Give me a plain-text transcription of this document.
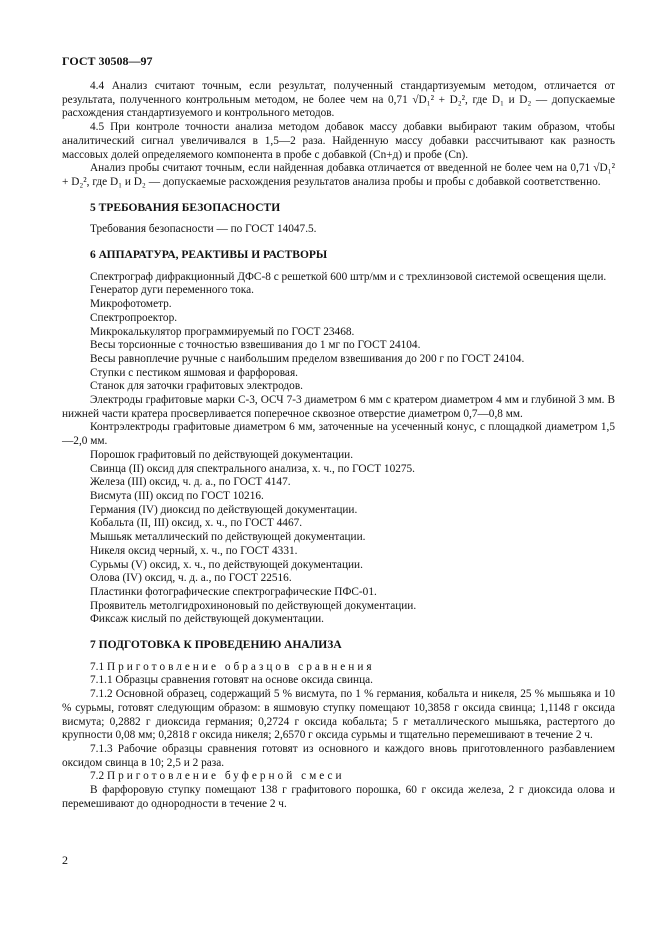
ГОСТ 30508—97

4.4 Анализ считают точным, если результат, полученный стандартизуемым методом, отличается от результата, полученного контрольным методом, не более чем на 0,71 √D₁² + D₂², где D₁ и D₂ — допускаемые расхождения стандартизуемого и контрольного методов.

4.5 При контроле точности анализа методом добавок массу добавки выбирают таким образом, чтобы аналитический сигнал увеличивался в 1,5—2 раза. Найденную массу добавки рассчитывают как разность массовых долей определяемого компонента в пробе с добавкой (Cn+д) и пробе (Cn).

Анализ пробы считают точным, если найденная добавка отличается от введенной не более чем на 0,71 √D₁² + D₂², где D₁ и D₂ — допускаемые расхождения результатов анализа пробы и пробы с добавкой соответственно.

5 ТРЕБОВАНИЯ БЕЗОПАСНОСТИ

Требования безопасности — по ГОСТ 14047.5.

6 АППАРАТУРА, РЕАКТИВЫ И РАСТВОРЫ

Спектрограф дифракционный ДФС-8 с решеткой 600 штр/мм и с трехлинзовой системой освещения щели.

Генератор дуги переменного тока.

Микрофотометр.

Спектропроектор.

Микрокалькулятор программируемый по ГОСТ 23468.

Весы торсионные с точностью взвешивания до 1 мг по ГОСТ 24104.

Весы равноплечие ручные с наибольшим пределом взвешивания до 200 г по ГОСТ 24104.

Ступки с пестиком яшмовая и фарфоровая.

Станок для заточки графитовых электродов.

Электроды графитовые марки С-3, ОСЧ 7-3 диаметром 6 мм с кратером диаметром 4 мм и глубиной 3 мм. В нижней части кратера просверливается поперечное сквозное отверстие диаметром 0,7—0,8 мм.

Контрэлектроды графитовые диаметром 6 мм, заточенные на усеченный конус, с площадкой диаметром 1,5—2,0 мм.

Порошок графитовый по действующей документации.

Свинца (II) оксид для спектрального анализа, х. ч., по ГОСТ 10275.

Железа (III) оксид, ч. д. а., по ГОСТ 4147.

Висмута (III) оксид по ГОСТ 10216.

Германия (IV) диоксид по действующей документации.

Кобальта (II, III) оксид, х. ч., по ГОСТ 4467.

Мышьяк металлический по действующей документации.

Никеля оксид черный, х. ч., по ГОСТ 4331.

Сурьмы (V) оксид, х. ч., по действующей документации.

Олова (IV) оксид, ч. д. а., по ГОСТ 22516.

Пластинки фотографические спектрографические ПФС-01.

Проявитель метолгидрохиноновый по действующей документации.

Фиксаж кислый по действующей документации.

7 ПОДГОТОВКА К ПРОВЕДЕНИЮ АНАЛИЗА

7.1 Приготовление образцов сравнения

7.1.1 Образцы сравнения готовят на основе оксида свинца.

7.1.2 Основной образец, содержащий 5 % висмута, по 1 % германия, кобальта и никеля, 25 % мышьяка и 10 % сурьмы, готовят следующим образом: в яшмовую ступку помещают 10,3858 г оксида свинца; 1,1148 г оксида висмута; 0,2882 г диоксида германия; 0,2724 г оксида кобальта; 5 г металлического мышьяка, растертого до крупности 0,08 мм; 0,2818 г оксида никеля; 2,6570 г оксида сурьмы и тщательно перемешивают в течение 2 ч.

7.1.3 Рабочие образцы сравнения готовят из основного и каждого вновь приготовленного разбавлением оксидом свинца в 10; 2,5 и 2 раза.

7.2 Приготовление буферной смеси

В фарфоровую ступку помещают 138 г графитового порошка, 60 г оксида железа, 2 г диоксида олова и перемешивают до однородности в течение 2 ч.

2
